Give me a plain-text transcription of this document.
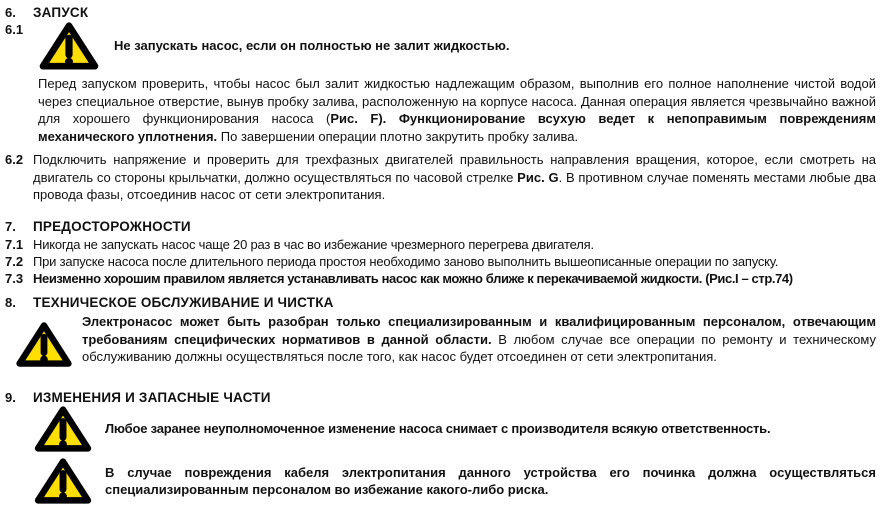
6.	ЗАПУСК
6.1
Не запускать насос, если он полностью не залит жидкостью.

Перед запуском проверить, чтобы насос был залит жидкостью надлежащим образом, выполнив его полное наполнение чистой водой через специальное отверстие, вынув пробку залива, расположенную на корпусе насоса. Данная операция является чрезвычайно важной для хорошего функционирования насоса (Рис. F). Функционирование всухую ведет к непоправимым повреждениям механического уплотнения. По завершении операции плотно закрутить пробку залива.

6.2 Подключить напряжение и проверить для трехфазных двигателей правильность направления вращения, которое, если смотреть на двигатель со стороны крыльчатки, должно осуществляться по часовой стрелке Рис. G. В противном случае поменять местами любые два провода фазы, отсоединив насос от сети электропитания.

7.	ПРЕДОСТОРОЖНОСТИ
7.1 Никогда не запускать насос чаще 20 раз в час во избежание чрезмерного перегрева двигателя.
7.2 При запуске насоса после длительного периода простоя необходимо заново выполнить вышеописанные операции по запуску.
7.3 Неизменно хорошим правилом является устанавливать насос как можно ближе к перекачиваемой жидкости. (Рис.I – стр.74)
8.	ТЕХНИЧЕСКОЕ ОБСЛУЖИВАНИЕ И ЧИСТКА

Электронасос может быть разобран только специализированным и квалифицированным персоналом, отвечающим требованиям специфических нормативов в данной области. В любом случае все операции по ремонту и техническому обслуживанию должны осуществляться после того, как насос будет отсоединен от сети электропитания.

9.	ИЗМЕНЕНИЯ И ЗАПАСНЫЕ ЧАСТИ
Любое заранее неуполномоченное изменение насоса снимает с производителя всякую ответственность.

В случае повреждения кабеля электропитания данного устройства его починка должна осуществляться специализированным персоналом во избежание какого-либо риска.
